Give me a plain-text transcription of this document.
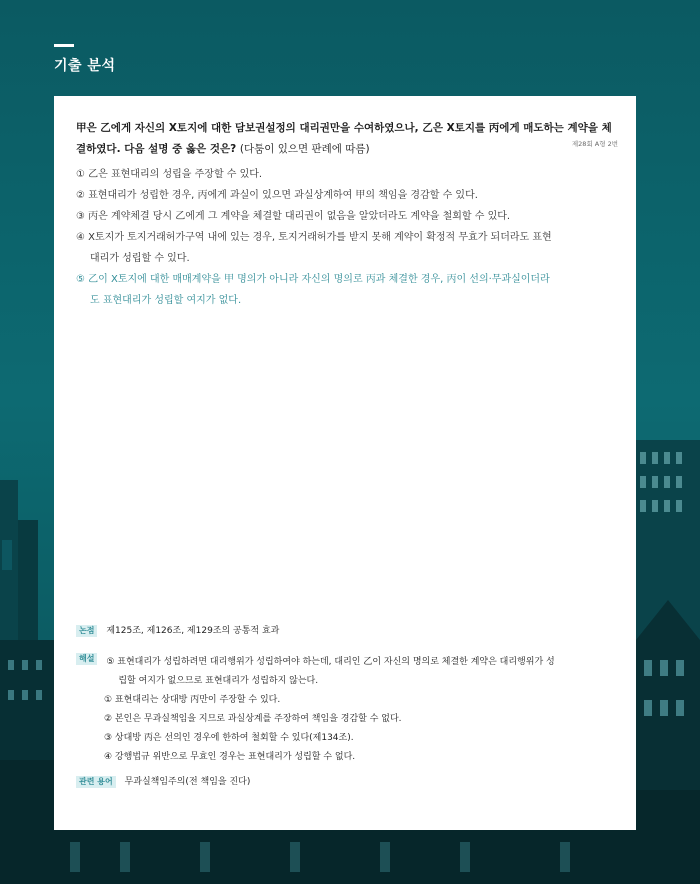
기출 분석
甲은 乙에게 자신의 X토지에 대한 담보권설정의 대리권만을 수여하였으나, 乙은 X토지를 丙에게 매도하는 계약을 체결하였다. 다음 설명 중 옳은 것은? (다툼이 있으면 판례에 따름)	제28회 A형 2번
① 乙은 표현대리의 성립을 주장할 수 있다.
② 표현대리가 성립한 경우, 丙에게 과실이 있으면 과실상계하여 甲의 책임을 경감할 수 있다.
③ 丙은 계약체결 당시 乙에게 그 계약을 체결할 대리권이 없음을 알았더라도 계약을 철회할 수 있다.
④ X토지가 토지거래허가구역 내에 있는 경우, 토지거래허가를 받지 못해 계약이 확정적 무효가 되더라도 표현
대리가 성립할 수 있다.
⑤ 乙이 X토지에 대한 매매계약을 甲 명의가 아니라 자신의 명의로 丙과 체결한 경우, 丙이 선의·무과실이더라
도 표현대리가 성립할 여지가 없다.
논점 제125조, 제126조, 제129조의 공통적 효과
해설 ⑤ 표현대리가 성립하려면 대리행위가 성립하여야 하는데, 대리인 乙이 자신의 명의로 체결한 계약은 대리행위가 성
립할 여지가 없으므로 표현대리가 성립하지 않는다.
① 표현대리는 상대방 丙만이 주장할 수 있다.
② 본인은 무과실책임을 지므로 과실상계를 주장하여 책임을 경감할 수 없다.
③ 상대방 丙은 선의인 경우에 한하여 철회할 수 있다(제134조).
④ 강행법규 위반으로 무효인 경우는 표현대리가 성립할 수 없다.
관련 용어 무과실책임주의(전 책임을 진다)
